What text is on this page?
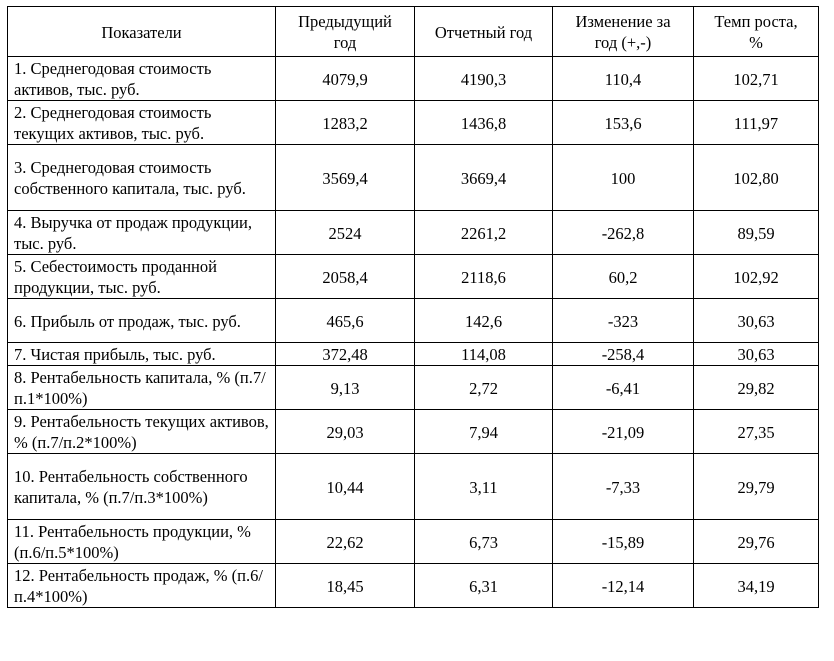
Показатели	Предыдущий год	Отчетный год	Изменение за год (+,-)	Темп роста, %
1. Среднегодовая стоимость активов, тыс. руб.	4079,9	4190,3	110,4	102,71
2. Среднегодовая стоимость текущих активов, тыс. руб.	1283,2	1436,8	153,6	111,97
3. Среднегодовая стоимость собственного капитала, тыс. руб.	3569,4	3669,4	100	102,80
4. Выручка от продаж продукции, тыс. руб.	2524	2261,2	-262,8	89,59
5. Себестоимость проданной продукции, тыс. руб.	2058,4	2118,6	60,2	102,92
6. Прибыль от продаж, тыс. руб.	465,6	142,6	-323	30,63
7. Чистая прибыль, тыс. руб.	372,48	114,08	-258,4	30,63
8. Рентабельность капитала, % (п.7/п.1*100%)	9,13	2,72	-6,41	29,82
9. Рентабельность текущих активов, % (п.7/п.2*100%)	29,03	7,94	-21,09	27,35
10. Рентабельность собственного капитала, % (п.7/п.3*100%)	10,44	3,11	-7,33	29,79
11. Рентабельность продукции, % (п.6/п.5*100%)	22,62	6,73	-15,89	29,76
12. Рентабельность продаж, % (п.6/п.4*100%)	18,45	6,31	-12,14	34,19
